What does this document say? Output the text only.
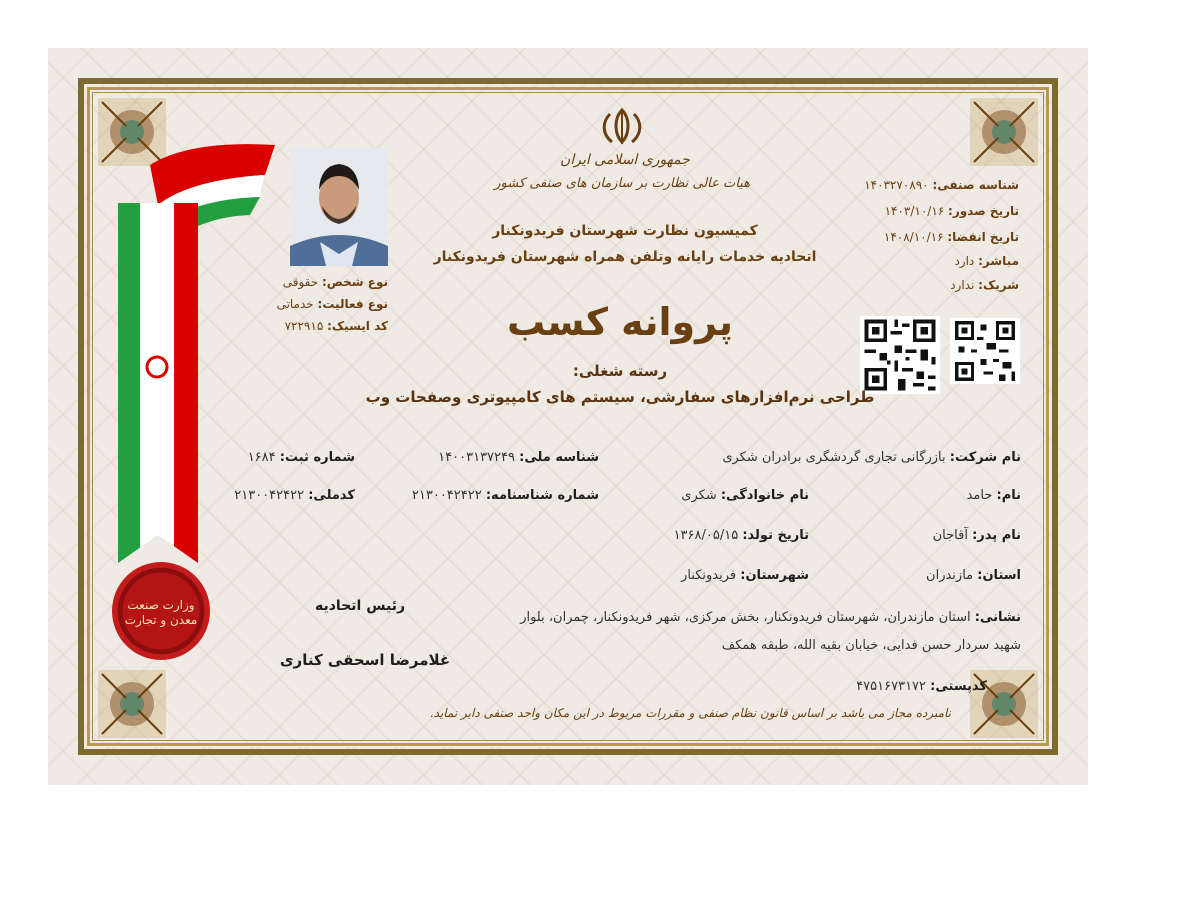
وزارت صنعت معدن و تجارت
جمهوری اسلامی ایران
هیات عالی نظارت بر سازمان های صنفی کشور
کمیسیون نظارت شهرستان فریدونکنار
اتحادیه خدمات رایانه وتلفن همراه شهرستان فریدونکنار
شناسه صنفی: ۱۴۰۳۲۷۰۸۹۰
تاریخ صدور: ۱۴۰۳/۱۰/۱۶
تاریخ انقضا: ۱۴۰۸/۱۰/۱۶
مباشر: دارد
شریک: ندارد
نوع شخص: حقوقی
نوع فعالیت: خدماتی
کد ایسیک: ۷۲۲۹۱۵	پروانه کسب
رسته شغلی:
طراحی نرم‌افزارهای سفارشی، سیستم های کامپیوتری وصفحات وب
نام شرکت: بازرگانی تجاری گردشگری برادران شکری
شناسه ملی: ۱۴۰۰۳۱۳۷۲۴۹
شماره ثبت: ۱۶۸۴
نام: حامد
نام خانوادگی: شکری
شماره شناسنامه: ۲۱۳۰۰۴۲۴۲۲
کدملی: ۲۱۳۰۰۴۲۴۲۲
نام پدر: آقاجان
تاریخ تولد: ۱۳۶۸/۰۵/۱۵
استان: مازندران
شهرستان: فریدونکنار
نشانی: استان مازندران، شهرستان فریدونکنار، بخش مرکزی، شهر فریدونکنار، چمران، بلوار
شهید سردار حسن فدایی، خیابان بقیه الله، طبقه همکف
کدپستی: ۴۷۵۱۶۷۳۱۷۲
رئیس اتحادیه
غلامرضا اسحقی کناری
نامبرده مجاز می باشد بر اساس قانون نظام صنفی و مقررات مربوط در این مکان واحد صنفی دایر نماید.
